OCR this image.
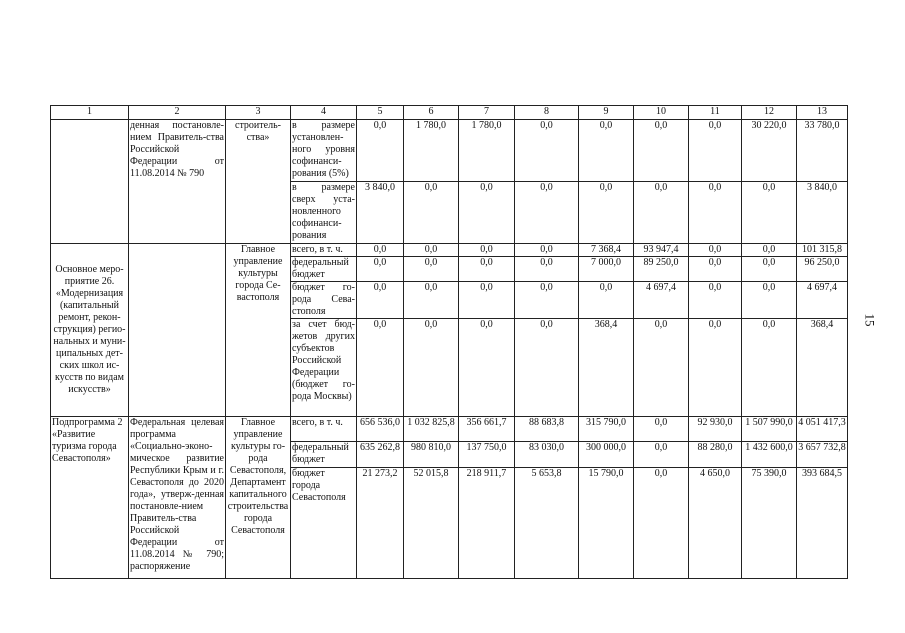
1	2	3	4	5	6	7	8	9	10	11	12	13
	денная постановле-нием Правитель-ства Российской Федерации от 11.08.2014 № 790	строитель-ства»	в размере установлен-ного уровня софинанси-рования (5%)	0,0	1 780,0	1 780,0	0,0	0,0	0,0	0,0	30 220,0	33 780,0
			в размере сверх уста-новленного софинанси-рования	3 840,0	0,0	0,0	0,0	0,0	0,0	0,0	0,0	3 840,0
Основное меро-приятие 26. «Модернизация (капитальный ремонт, рекон-струкция) регио-нальных и муни-ципальных дет-ских школ ис-кусств по видам искусств»		Главное управление культуры города Се-вастополя	всего, в т. ч.	0,0	0,0	0,0	0,0	7 368,4	93 947,4	0,0	0,0	101 315,8
			федеральный бюджет	0,0	0,0	0,0	0,0	7 000,0	89 250,0	0,0	0,0	96 250,0
			бюджет го-рода Сева-стополя	0,0	0,0	0,0	0,0	0,0	4 697,4	0,0	0,0	4 697,4
			за счет бюд-жетов других субъектов Российской Федерации (бюджет го-рода Москвы)	0,0	0,0	0,0	0,0	368,4	0,0	0,0	0,0	368,4
Подпрограмма 2 «Развитие туризма города Севастополя»	Федеральная целевая программа «Социально-эконо-мическое развитие Республики Крым и г. Севастополя до 2020 года», утверж-денная постановле-нием Правитель-ства Российской Федерации от 11.08.2014 № 790; распоряжение	Главное управление культуры го-рода Севастополя, Департамент капитального строительства города Севастополя	всего, в т. ч.	656 536,0	1 032 825,8	356 661,7	88 683,8	315 790,0	0,0	92 930,0	1 507 990,0	4 051 417,3
			федеральный бюджет	635 262,8	980 810,0	137 750,0	83 030,0	300 000,0	0,0	88 280,0	1 432 600,0	3 657 732,8
			бюджет города Севастополя	21 273,2	52 015,8	218 911,7	5 653,8	15 790,0	0,0	4 650,0	75 390,0	393 684,5
15
